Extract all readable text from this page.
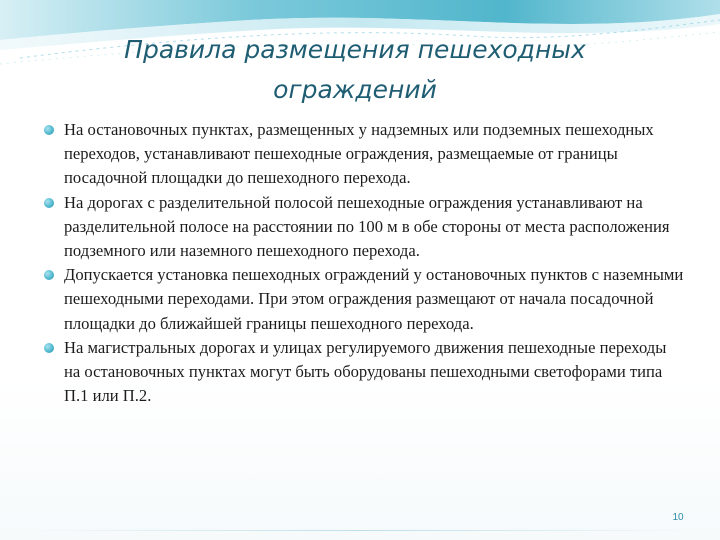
Правила размещения пешеходных ограждений
На остановочных пунктах, размещенных у надземных или подземных пешеходных переходов, устанавливают пешеходные ограждения, размещаемые от границы посадочной площадки до пешеходного перехода.
На дорогах с разделительной полосой пешеходные ограждения устанавливают на разделительной полосе на расстоянии по 100 м в обе стороны от места расположения подземного или наземного пешеходного перехода.
Допускается установка пешеходных ограждений у остановочных пунктов с наземными пешеходными переходами. При этом ограждения размещают от начала посадочной площадки до ближайшей границы пешеходного перехода.
На магистральных дорогах и улицах регулируемого движения пешеходные переходы на остановочных пунктах могут быть оборудованы пешеходными светофорами типа П.1 или П.2.
10
